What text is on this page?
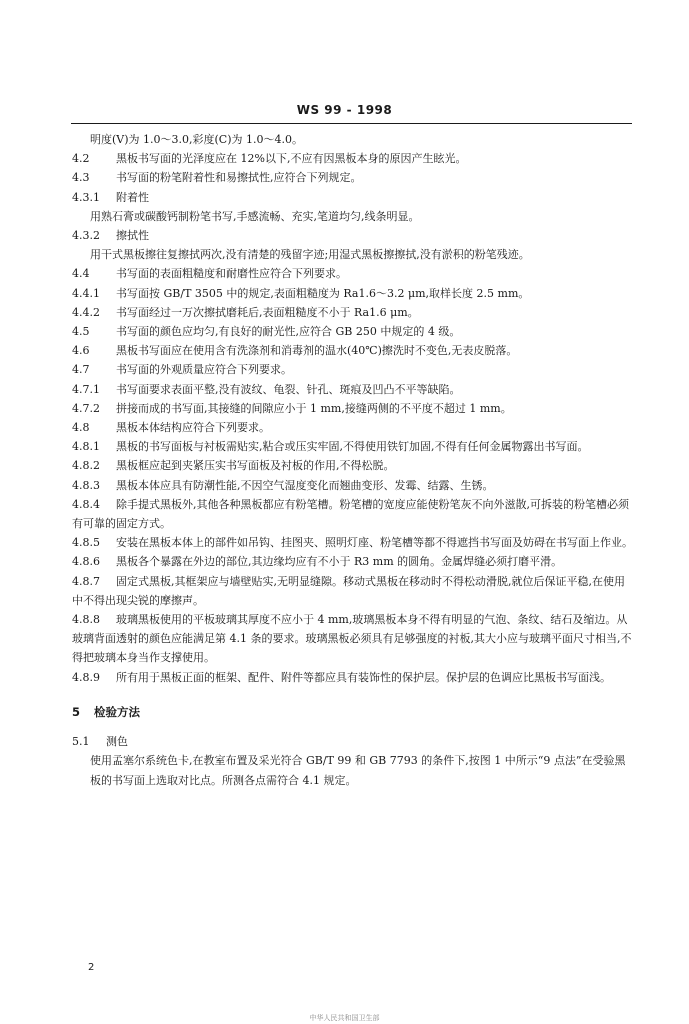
WS 99 - 1998

明度(V)为 1.0～3.0,彩度(C)为 1.0～4.0。

4.2 黑板书写面的光泽度应在 12%以下,不应有因黑板本身的原因产生眩光。

4.3 书写面的粉笔附着性和易擦拭性,应符合下列规定。

4.3.1 附着性

用熟石膏或碳酸钙制粉笔书写,手感流畅、充实,笔道均匀,线条明显。

4.3.2 擦拭性

用干式黑板擦往复擦拭两次,没有清楚的残留字迹;用湿式黑板擦擦拭,没有淤积的粉笔残迹。

4.4 书写面的表面粗糙度和耐磨性应符合下列要求。

4.4.1 书写面按 GB/T 3505 中的规定,表面粗糙度为 Ra1.6～3.2 μm,取样长度 2.5 mm。

4.4.2 书写面经过一万次擦拭磨耗后,表面粗糙度不小于 Ra1.6 μm。

4.5 书写面的颜色应均匀,有良好的耐光性,应符合 GB 250 中规定的 4 级。

4.6 黑板书写面应在使用含有洗涤剂和消毒剂的温水(40℃)擦洗时不变色,无表皮脱落。

4.7 书写面的外观质量应符合下列要求。

4.7.1 书写面要求表面平整,没有波纹、龟裂、针孔、斑痕及凹凸不平等缺陷。

4.7.2 拼接而成的书写面,其接缝的间隙应小于 1 mm,接缝两侧的不平度不超过 1 mm。

4.8 黑板本体结构应符合下列要求。

4.8.1 黑板的书写面板与衬板需贴实,粘合或压实牢固,不得使用铁钉加固,不得有任何金属物露出书写面。

4.8.2 黑板框应起到夹紧压实书写面板及衬板的作用,不得松脱。

4.8.3 黑板本体应具有防潮性能,不因空气湿度变化而翘曲变形、发霉、结露、生锈。

4.8.4 除手提式黑板外,其他各种黑板都应有粉笔槽。粉笔槽的宽度应能使粉笔灰不向外滋散,可拆装的粉笔槽必须有可靠的固定方式。

4.8.5 安装在黑板本体上的部件如吊钩、挂图夹、照明灯座、粉笔槽等都不得遮挡书写面及妨碍在书写面上作业。

4.8.6 黑板各个暴露在外边的部位,其边缘均应有不小于 R3 mm 的圆角。金属焊缝必须打磨平滑。

4.8.7 固定式黑板,其框架应与墙壁贴实,无明显缝隙。移动式黑板在移动时不得松动滑脱,就位后保证平稳,在使用中不得出现尖锐的摩擦声。

4.8.8 玻璃黑板使用的平板玻璃其厚度不应小于 4 mm,玻璃黑板本身不得有明显的气泡、条纹、结石及缩边。从玻璃背面透射的颜色应能满足第 4.1 条的要求。玻璃黑板必须具有足够强度的衬板,其大小应与玻璃平面尺寸相当,不得把玻璃本身当作支撑使用。

4.8.9 所有用于黑板正面的框架、配件、附件等都应具有装饰性的保护层。保护层的色调应比黑板书写面浅。

5 检验方法

5.1 测色

使用孟塞尔系统色卡,在教室布置及采光符合 GB/T 99 和 GB 7793 的条件下,按图 1 中所示“9 点法”在受验黑板的书写面上选取对比点。所测各点需符合 4.1 规定。

2
中华人民共和国卫生部
